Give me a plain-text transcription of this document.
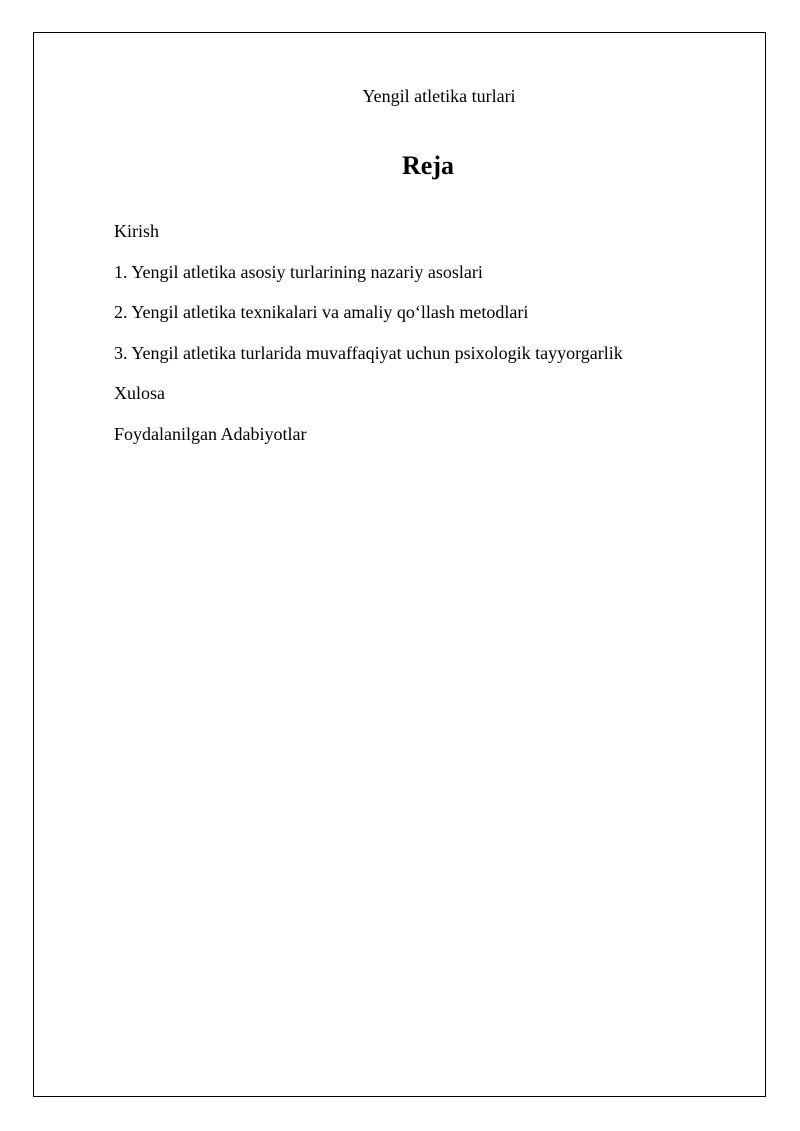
Yengil atletika turlari

Reja
Kirish
1. Yengil atletika asosiy turlarining nazariy asoslari
2. Yengil atletika texnikalari va amaliy qo‘llash metodlari
3. Yengil atletika turlarida muvaffaqiyat uchun psixologik tayyorgarlik
Xulosa
Foydalanilgan Adabiyotlar
